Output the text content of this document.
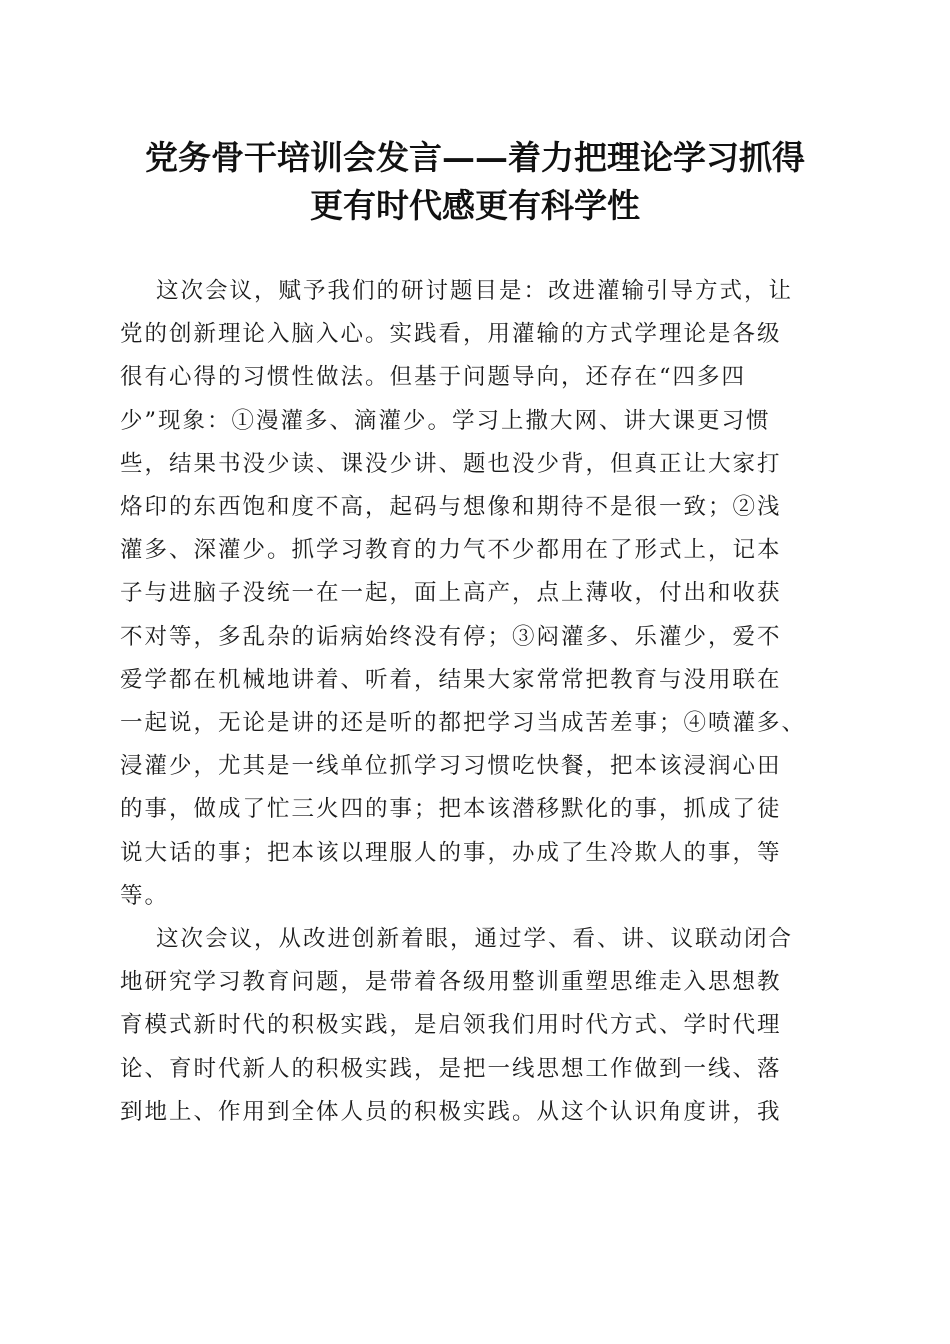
党务骨干培训会发言——着力把理论学习抓得
更有时代感更有科学性
这次会议，赋予我们的研讨题目是：改进灌输引导方式，让
党的创新理论入脑入心。实践看，用灌输的方式学理论是各级
很有心得的习惯性做法。但基于问题导向，还存在“四多四
少”现象：①漫灌多、滴灌少。学习上撒大网、讲大课更习惯
些，结果书没少读、课没少讲、题也没少背，但真正让大家打
烙印的东西饱和度不高，起码与想像和期待不是很一致；②浅
灌多、深灌少。抓学习教育的力气不少都用在了形式上，记本
子与进脑子没统一在一起，面上高产，点上薄收，付出和收获
不对等，多乱杂的诟病始终没有停；③闷灌多、乐灌少，爱不
爱学都在机械地讲着、听着，结果大家常常把教育与没用联在
一起说，无论是讲的还是听的都把学习当成苦差事；④喷灌多、
浸灌少，尤其是一线单位抓学习习惯吃快餐，把本该浸润心田
的事，做成了忙三火四的事；把本该潜移默化的事，抓成了徒
说大话的事；把本该以理服人的事，办成了生冷欺人的事，等
等。
这次会议，从改进创新着眼，通过学、看、讲、议联动闭合
地研究学习教育问题，是带着各级用整训重塑思维走入思想教
育模式新时代的积极实践，是启领我们用时代方式、学时代理
论、育时代新人的积极实践，是把一线思想工作做到一线、落
到地上、作用到全体人员的积极实践。从这个认识角度讲，我
